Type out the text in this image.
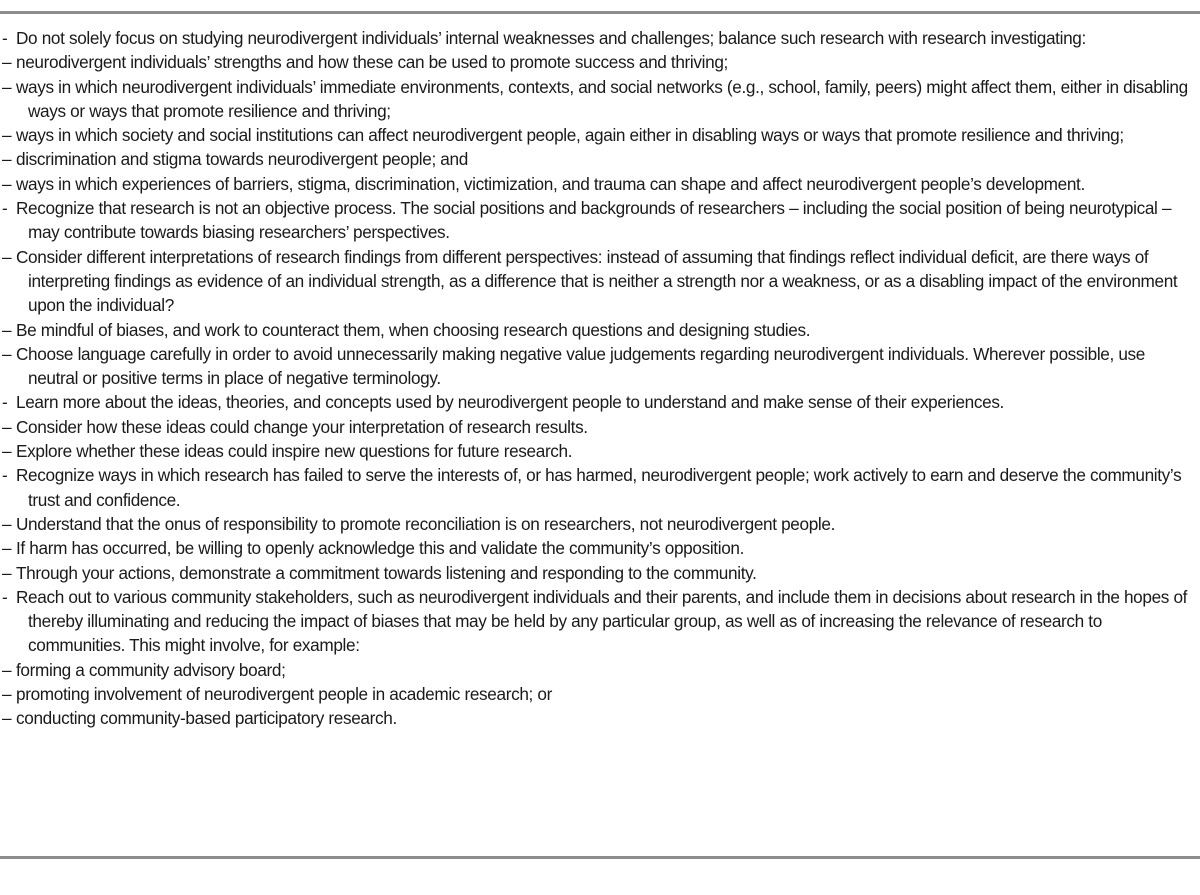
- Do not solely focus on studying neurodivergent individuals’ internal weaknesses and challenges; balance such research with research investigating:

– neurodivergent individuals’ strengths and how these can be used to promote success and thriving;

– ways in which neurodivergent individuals’ immediate environments, contexts, and social networks (e.g., school, family, peers) might affect them, either in disabling ways or ways that promote resilience and thriving;

– ways in which society and social institutions can affect neurodivergent people, again either in disabling ways or ways that promote resilience and thriving;

– discrimination and stigma towards neurodivergent people; and

– ways in which experiences of barriers, stigma, discrimination, victimization, and trauma can shape and affect neurodivergent people’s development.

- Recognize that research is not an objective process. The social positions and backgrounds of researchers – including the social position of being neurotypical – may contribute towards biasing researchers’ perspectives.

– Consider different interpretations of research findings from different perspectives: instead of assuming that findings reflect individual deficit, are there ways of interpreting findings as evidence of an individual strength, as a difference that is neither a strength nor a weakness, or as a disabling impact of the environment upon the individual?

– Be mindful of biases, and work to counteract them, when choosing research questions and designing studies.

– Choose language carefully in order to avoid unnecessarily making negative value judgements regarding neurodivergent individuals. Wherever possible, use neutral or positive terms in place of negative terminology.

- Learn more about the ideas, theories, and concepts used by neurodivergent people to understand and make sense of their experiences.

– Consider how these ideas could change your interpretation of research results.

– Explore whether these ideas could inspire new questions for future research.

- Recognize ways in which research has failed to serve the interests of, or has harmed, neurodivergent people; work actively to earn and deserve the community’s trust and confidence.

– Understand that the onus of responsibility to promote reconciliation is on researchers, not neurodivergent people.

– If harm has occurred, be willing to openly acknowledge this and validate the community’s opposition.

– Through your actions, demonstrate a commitment towards listening and responding to the community.

- Reach out to various community stakeholders, such as neurodivergent individuals and their parents, and include them in decisions about research in the hopes of thereby illuminating and reducing the impact of biases that may be held by any particular group, as well as of increasing the relevance of research to communities. This might involve, for example:

– forming a community advisory board;

– promoting involvement of neurodivergent people in academic research; or

– conducting community-based participatory research.
